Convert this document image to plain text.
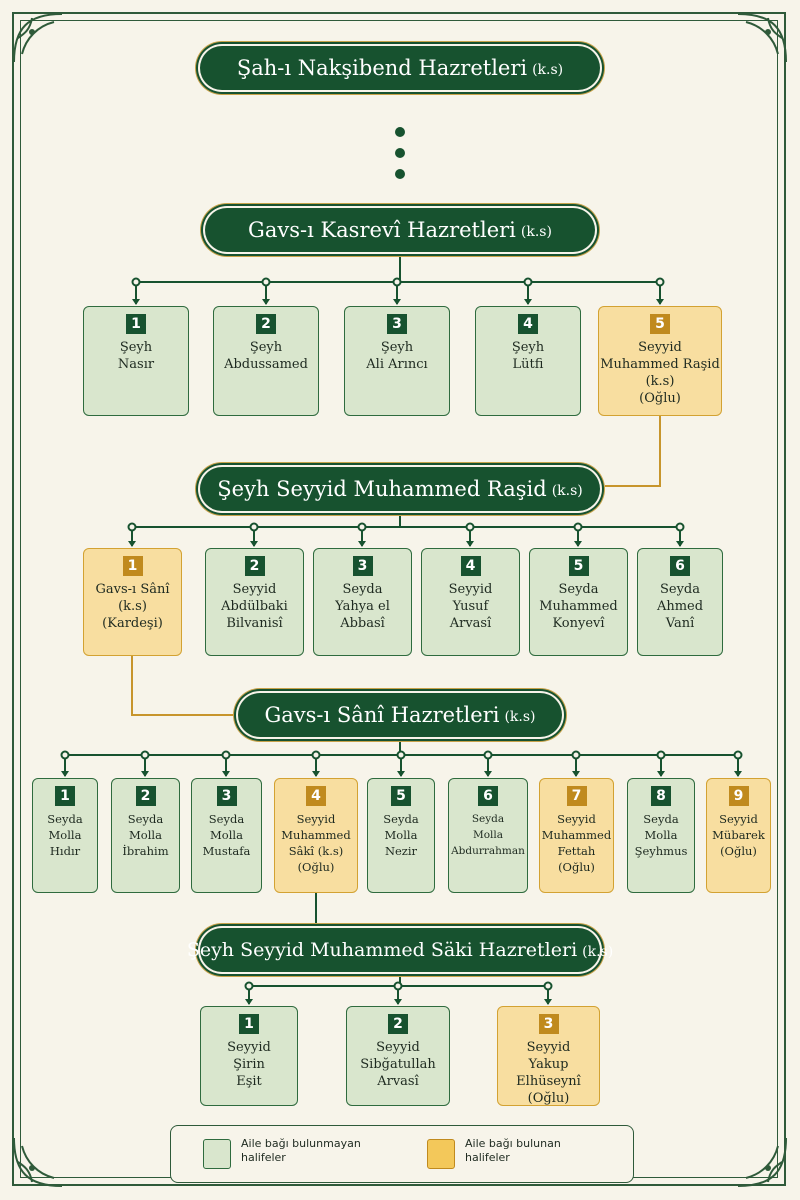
Şah-ı Nakşibend Hazretleri (k.s)
Gavs-ı Kasrevî Hazretleri (k.s)
Şeyh Seyyid Muhammed Raşid (k.s)
Gavs-ı Sânî Hazretleri (k.s)
Şeyh Seyyid Muhammed Säki Hazretleri (k.s)
1
Şeyh
Nasır
2
Şeyh
Abdussamed
3
Şeyh
Ali Arıncı
4
Şeyh
Lütfi
5
Seyyid
Muhammed Raşid
(k.s)
(Oğlu)
1
Gavs-ı Sânî
(k.s)
(Kardeşi)
2
Seyyid
Abdülbaki
Bilvanisî
3
Seyda
Yahya el
Abbasî
4
Seyyid
Yusuf
Arvasî
5
Seyda
Muhammed
Konyevî
6
Seyda
Ahmed
Vanî
1
Seyda
Molla
Hıdır
2
Seyda
Molla
İbrahim
3
Seyda
Molla
Mustafa
4
Seyyid
Muhammed
Sâkî (k.s)
(Oğlu)
5
Seyda
Molla
Nezir
6
Seyda
Molla
Abdurrahman
7
Seyyid
Muhammed
Fettah
(Oğlu)
8
Seyda
Molla
Şeyhmus
9
Seyyid
Mübarek
(Oğlu)
1
Seyyid
Şirin
Eşit
2
Seyyid
Sibğatullah
Arvasî
3
Seyyid
Yakup
Elhüseynî
(Oğlu)
Aile bağı bulunmayan
halifeler
Aile bağı bulunan
halifeler
